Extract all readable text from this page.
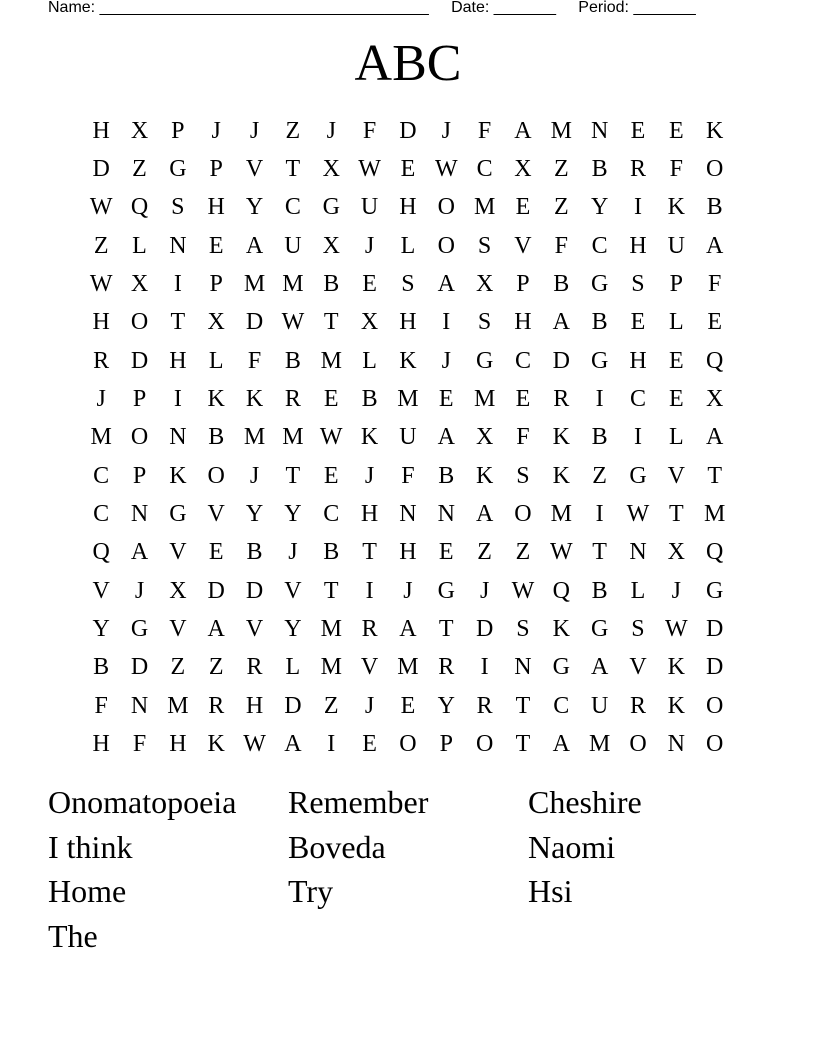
Name: _____________________________________ Date: _______ Period: _______
ABC
H X P	J	J	Z	J	F D	J	F A M N E E K
D Z G P V T X W E W C X Z B R F O
W Q S H Y C G U H O M E Z Y	I	K B
Z L N E A U X	J	L O S V F C H U A
W X	I	P M M B E	S A X P B G S	P	F
H O T X D W T X H	I	S H A B E L E
R D H L	F B M L K	J	G C D G H E Q
J	P	I	K K R E B M E M E R	I	C E X
M O N B M M W K U A X F K B	I	L A
C P K O	J	T E	J	F B K S K Z G V T
C N G V Y Y C H N N A O M I W T M
Q A V E B	J	B T H E Z Z W T N X Q
V	J	X D D V T	I	J	G	J W Q B L	J	G
Y G V A V Y M R A T D S K G S W D
B D Z Z R L M V M R	I	N G A V K D
F N M R H D Z	J	E Y R T C U R K O
H F H K W A	I	E O P O T A M O N O
Onomatopoeia	Remember	Cheshire
I think	Boveda	Naomi
Home	Try	Hsi
The
